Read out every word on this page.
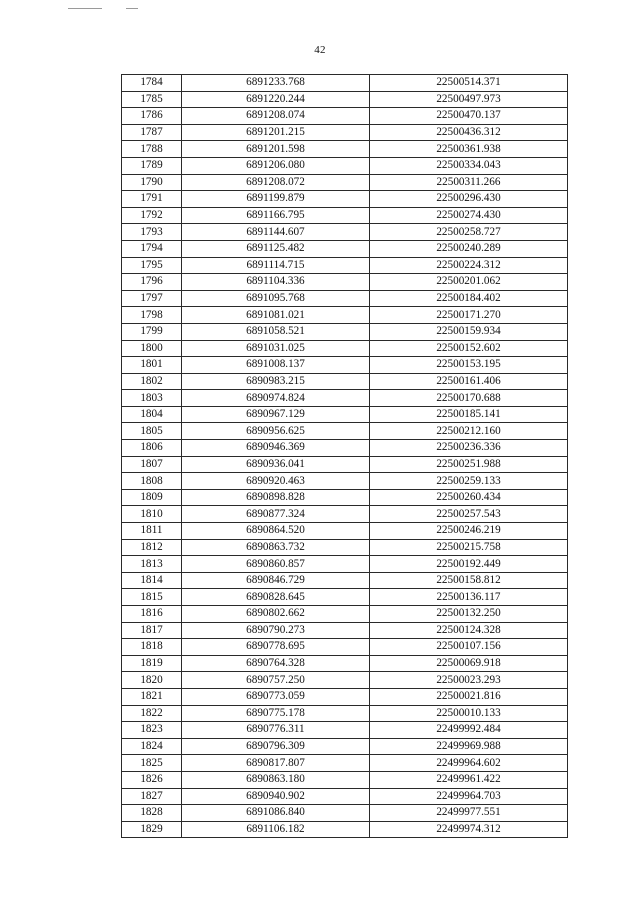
42
1784	6891233.768	22500514.371
1785	6891220.244	22500497.973
1786	6891208.074	22500470.137
1787	6891201.215	22500436.312
1788	6891201.598	22500361.938
1789	6891206.080	22500334.043
1790	6891208.072	22500311.266
1791	6891199.879	22500296.430
1792	6891166.795	22500274.430
1793	6891144.607	22500258.727
1794	6891125.482	22500240.289
1795	6891114.715	22500224.312
1796	6891104.336	22500201.062
1797	6891095.768	22500184.402
1798	6891081.021	22500171.270
1799	6891058.521	22500159.934
1800	6891031.025	22500152.602
1801	6891008.137	22500153.195
1802	6890983.215	22500161.406
1803	6890974.824	22500170.688
1804	6890967.129	22500185.141
1805	6890956.625	22500212.160
1806	6890946.369	22500236.336
1807	6890936.041	22500251.988
1808	6890920.463	22500259.133
1809	6890898.828	22500260.434
1810	6890877.324	22500257.543
1811	6890864.520	22500246.219
1812	6890863.732	22500215.758
1813	6890860.857	22500192.449
1814	6890846.729	22500158.812
1815	6890828.645	22500136.117
1816	6890802.662	22500132.250
1817	6890790.273	22500124.328
1818	6890778.695	22500107.156
1819	6890764.328	22500069.918
1820	6890757.250	22500023.293
1821	6890773.059	22500021.816
1822	6890775.178	22500010.133
1823	6890776.311	22499992.484
1824	6890796.309	22499969.988
1825	6890817.807	22499964.602
1826	6890863.180	22499961.422
1827	6890940.902	22499964.703
1828	6891086.840	22499977.551
1829	6891106.182	22499974.312
